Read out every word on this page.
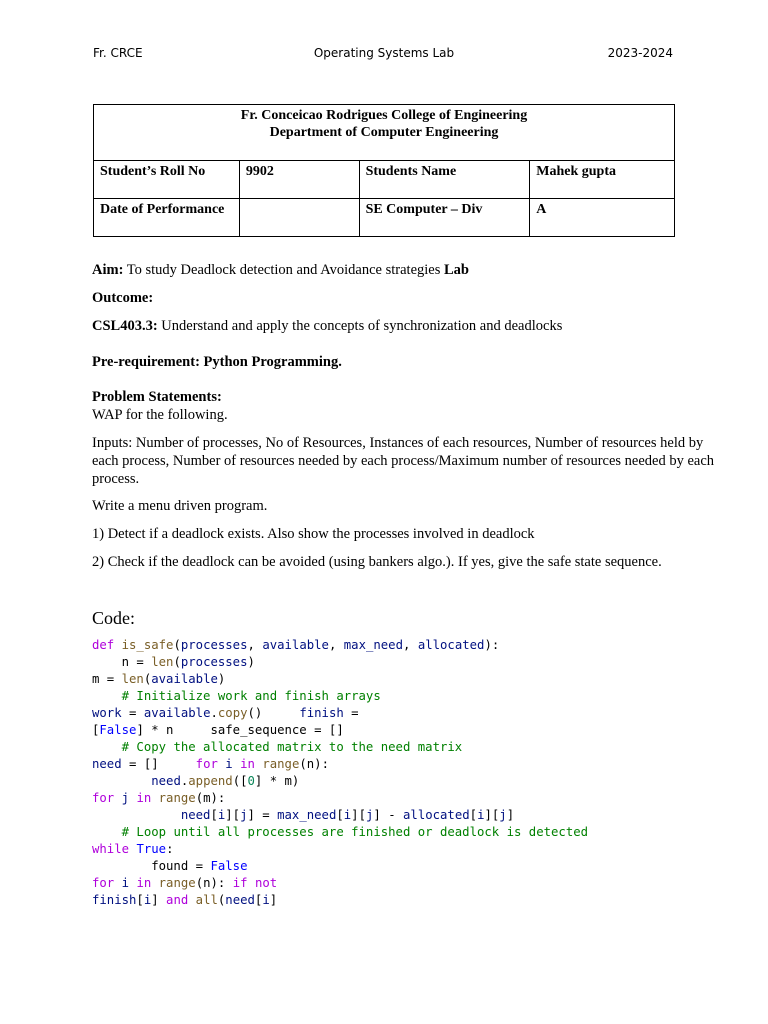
Fr. CRCE	Operating Systems Lab	2023-2024
Fr. Conceicao Rodrigues College of Engineering
Department of Computer Engineering			

Student’s Roll No	9902	Students Name	Mahek gupta
Date of Performance		SE Computer – Div	A
Aim: To study Deadlock detection and Avoidance strategies Lab
Outcome:
CSL403.3: Understand and apply the concepts of synchronization and deadlocks
Pre-requirement: Python Programming.
Problem Statements:
WAP for the following.
Inputs: Number of processes, No of Resources, Instances of each resources, Number of resources held by each process, Number of resources needed by each process/Maximum number of resources needed by each process.
Write a menu driven program.
1) Detect if a deadlock exists. Also show the processes involved in deadlock
2) Check if the deadlock can be avoided (using bankers algo.). If yes, give the safe state sequence.
Code:
def is_safe(processes, available, max_need, allocated):
n = len(processes)
m = len(available)
# Initialize work and finish arrays
work = available.copy()     finish =
[False] * n     safe_sequence = []
# Copy the allocated matrix to the need matrix
need = []     for i in range(n):
need.append([0] * m)
for j in range(m):
need[i][j] = max_need[i][j] - allocated[i][j]
# Loop until all processes are finished or deadlock is detected
while True:
found = False
for i in range(n): if not
finish[i] and all(need[i]
